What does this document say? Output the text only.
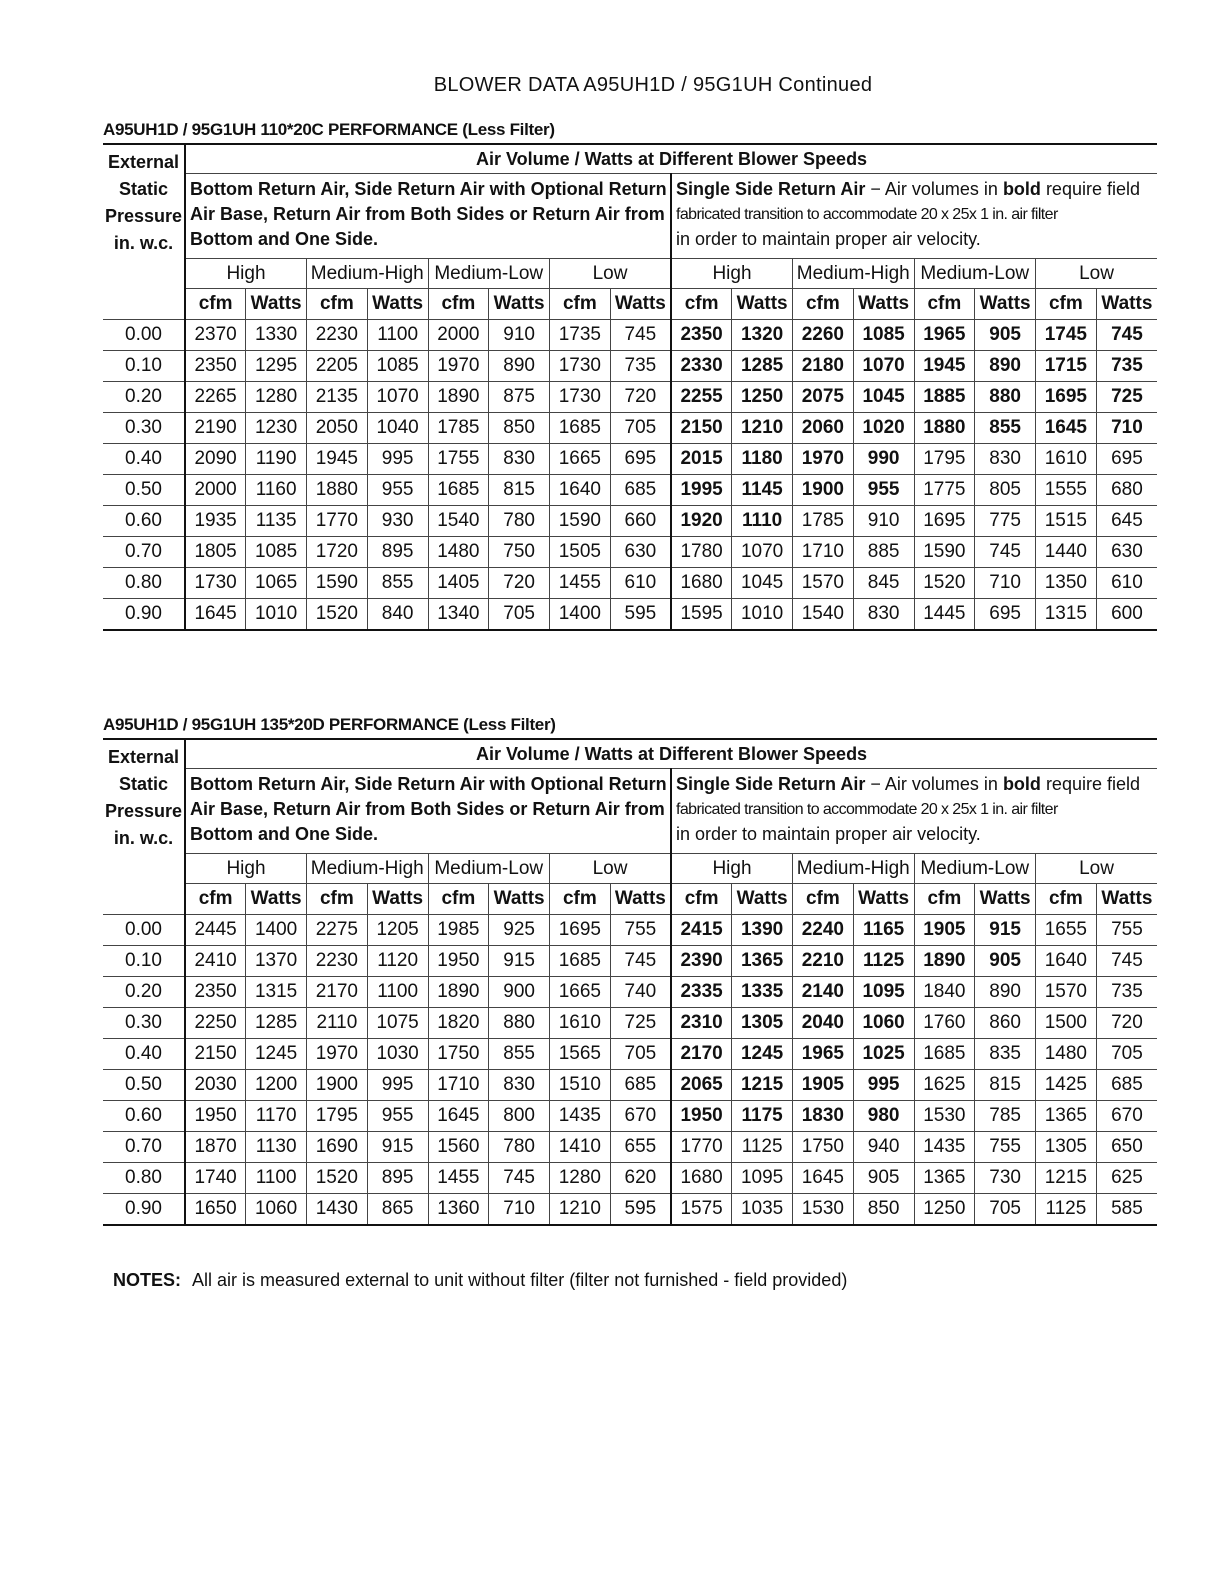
BLOWER DATA A95UH1D / 95G1UH Continued
A95UH1D / 95G1UH 110*20C PERFORMANCE (Less Filter)
External
Static
Pressure
in. w.c.	Air Volume / Watts at Different Blower Speeds															
	Bottom Return Air, Side Return Air with Optional Return Air Base, Return Air from Both Sides or Return Air from Bottom and One Side.								Single Side Return Air − Air volumes in bold require field
fabricated transition to accommodate 20 x 25x 1 in. air filter
in order to maintain proper air velocity.							

	High		Medium-High		Medium-Low		Low		High		Medium-High		Medium-Low		Low	
	cfm	Watts	cfm	Watts	cfm	Watts	cfm	Watts	cfm	Watts	cfm	Watts	cfm	Watts	cfm	Watts
0.00	2370	1330	2230	1100	2000	910	1735	745	2350	1320	2260	1085	1965	905	1745	745
0.10	2350	1295	2205	1085	1970	890	1730	735	2330	1285	2180	1070	1945	890	1715	735
0.20	2265	1280	2135	1070	1890	875	1730	720	2255	1250	2075	1045	1885	880	1695	725
0.30	2190	1230	2050	1040	1785	850	1685	705	2150	1210	2060	1020	1880	855	1645	710
0.40	2090	1190	1945	995	1755	830	1665	695	2015	1180	1970	990	1795	830	1610	695
0.50	2000	1160	1880	955	1685	815	1640	685	1995	1145	1900	955	1775	805	1555	680
0.60	1935	1135	1770	930	1540	780	1590	660	1920	1110	1785	910	1695	775	1515	645
0.70	1805	1085	1720	895	1480	750	1505	630	1780	1070	1710	885	1590	745	1440	630
0.80	1730	1065	1590	855	1405	720	1455	610	1680	1045	1570	845	1520	710	1350	610
0.90	1645	1010	1520	840	1340	705	1400	595	1595	1010	1540	830	1445	695	1315	600
A95UH1D / 95G1UH 135*20D PERFORMANCE (Less Filter)
External
Static
Pressure
in. w.c.	Air Volume / Watts at Different Blower Speeds															
	Bottom Return Air, Side Return Air with Optional Return Air Base, Return Air from Both Sides or Return Air from Bottom and One Side.								Single Side Return Air − Air volumes in bold require field
fabricated transition to accommodate 20 x 25x 1 in. air filter
in order to maintain proper air velocity.							

	High		Medium-High		Medium-Low		Low		High		Medium-High		Medium-Low		Low	
	cfm	Watts	cfm	Watts	cfm	Watts	cfm	Watts	cfm	Watts	cfm	Watts	cfm	Watts	cfm	Watts
0.00	2445	1400	2275	1205	1985	925	1695	755	2415	1390	2240	1165	1905	915	1655	755
0.10	2410	1370	2230	1120	1950	915	1685	745	2390	1365	2210	1125	1890	905	1640	745
0.20	2350	1315	2170	1100	1890	900	1665	740	2335	1335	2140	1095	1840	890	1570	735
0.30	2250	1285	2110	1075	1820	880	1610	725	2310	1305	2040	1060	1760	860	1500	720
0.40	2150	1245	1970	1030	1750	855	1565	705	2170	1245	1965	1025	1685	835	1480	705
0.50	2030	1200	1900	995	1710	830	1510	685	2065	1215	1905	995	1625	815	1425	685
0.60	1950	1170	1795	955	1645	800	1435	670	1950	1175	1830	980	1530	785	1365	670
0.70	1870	1130	1690	915	1560	780	1410	655	1770	1125	1750	940	1435	755	1305	650
0.80	1740	1100	1520	895	1455	745	1280	620	1680	1095	1645	905	1365	730	1215	625
0.90	1650	1060	1430	865	1360	710	1210	595	1575	1035	1530	850	1250	705	1125	585
NOTES: All air is measured external to unit without filter (filter not furnished - field provided)
